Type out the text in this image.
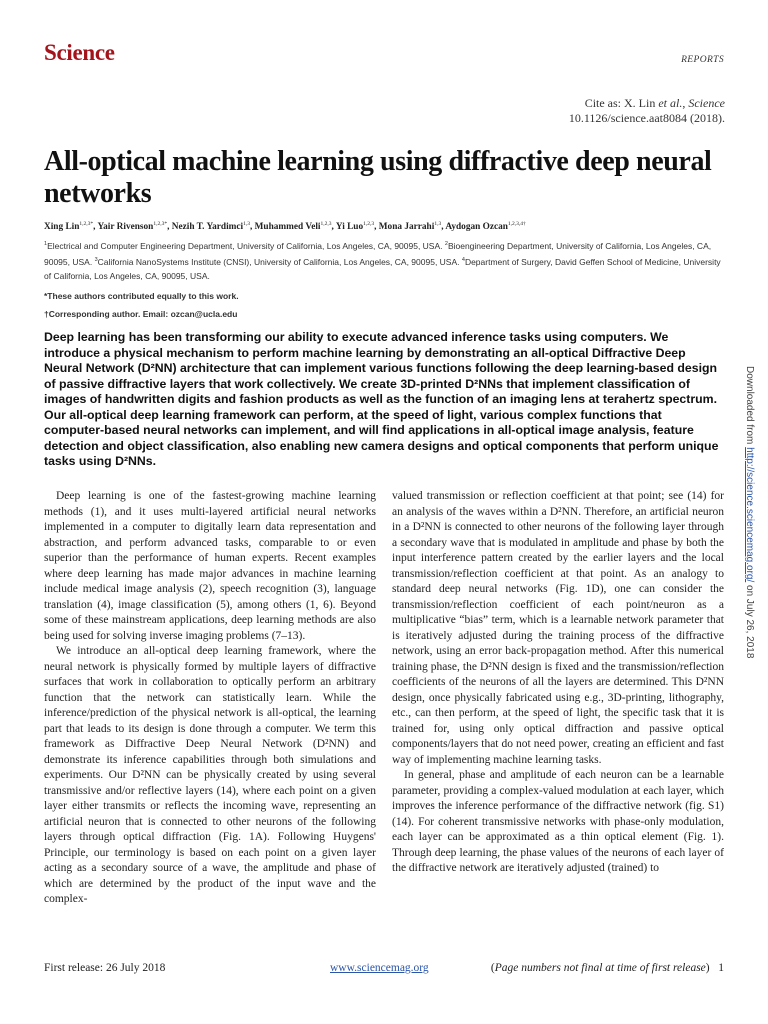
Science	REPORTS
Cite as: X. Lin et al., Science
10.1126/science.aat8084 (2018).
All-optical machine learning using diffractive deep neural networks
Xing Lin$^{1,2,3*}$, Yair Rivenson$^{1,2,3*}$, Nezih T. Yardimci$^{1,3}$, Muhammed Veli$^{1,2,3}$, Yi Luo$^{1,2,3}$, Mona Jarrahi$^{1,3}$, Aydogan Ozcan$^{1,2,3,4\dagger}$
$^1$Electrical and Computer Engineering Department, University of California, Los Angeles, CA, 90095, USA. $^2$Bioengineering Department, University of California, Los Angeles, CA, 90095, USA. $^3$California NanoSystems Institute (CNSI), University of California, Los Angeles, CA, 90095, USA. $^4$Department of Surgery, David Geffen School of Medicine, University of California, Los Angeles, CA, 90095, USA.
*These authors contributed equally to this work.
†Corresponding author. Email: ozcan@ucla.edu

Deep learning has been transforming our ability to execute advanced inference tasks using computers. We introduce a physical mechanism to perform machine learning by demonstrating an all-optical Diffractive Deep Neural Network (D²NN) architecture that can implement various functions following the deep learning-based design of passive diffractive layers that work collectively. We create 3D-printed D²NNs that implement classification of images of handwritten digits and fashion products as well as the function of an imaging lens at terahertz spectrum. Our all-optical deep learning framework can perform, at the speed of light, various complex functions that computer-based neural networks can implement, and will find applications in all-optical image analysis, feature detection and object classification, also enabling new camera designs and optical components that perform unique tasks using D²NNs.

Deep learning is one of the fastest-growing machine learning methods (1), and it uses multi-layered artificial neural networks implemented in a computer to digitally learn data representation and abstraction, and perform advanced tasks, comparable to or even superior than the performance of human experts. Recent examples where deep learning has made major advances in machine learning include medical image analysis (2), speech recognition (3), language translation (4), image classification (5), among others (1, 6). Beyond some of these mainstream applications, deep learning methods are also being used for solving inverse imaging problems (7–13).

We introduce an all-optical deep learning framework, where the neural network is physically formed by multiple layers of diffractive surfaces that work in collaboration to optically perform an arbitrary function that the network can statistically learn. While the inference/prediction of the physical network is all-optical, the learning part that leads to its design is done through a computer. We term this framework as Diffractive Deep Neural Network (D²NN) and demonstrate its inference capabilities through both simulations and experiments. Our D²NN can be physically created by using several transmissive and/or reflective layers (14), where each point on a given layer either transmits or reflects the incoming wave, representing an artificial neuron that is connected to other neurons of the following layers through optical diffraction (Fig. 1A). Following Huygens' Principle, our terminology is based on each point on a given layer acting as a secondary source of a wave, the amplitude and phase of which are determined by the product of the input wave and the complex-

valued transmission or reflection coefficient at that point; see (14) for an analysis of the waves within a D²NN. Therefore, an artificial neuron in a D²NN is connected to other neurons of the following layer through a secondary wave that is modulated in amplitude and phase by both the input interference pattern created by the earlier layers and the local transmission/reflection coefficient at that point. As an analogy to standard deep neural networks (Fig. 1D), one can consider the transmission/reflection coefficient of each point/neuron as a multiplicative “bias” term, which is a learnable network parameter that is iteratively adjusted during the training process of the diffractive network, using an error back-propagation method. After this numerical training phase, the D²NN design is fixed and the transmission/reflection coefficients of the neurons of all the layers are determined. This D²NN design, once physically fabricated using e.g., 3D-printing, lithography, etc., can then perform, at the speed of light, the specific task that it is trained for, using only optical diffraction and passive optical components/layers that do not need power, creating an efficient and fast way of implementing machine learning tasks.

In general, phase and amplitude of each neuron can be a learnable parameter, providing a complex-valued modulation at each layer, which improves the inference performance of the diffractive network (fig. S1) (14). For coherent transmissive networks with phase-only modulation, each layer can be approximated as a thin optical element (Fig. 1). Through deep learning, the phase values of the neurons of each layer of the diffractive network are iteratively adjusted (trained) to

Downloaded from http://science.sciencemag.org/ on July 26, 2018
First release: 26 July 2018	www.sciencemag.org	(Page numbers not final at time of first release)   1
